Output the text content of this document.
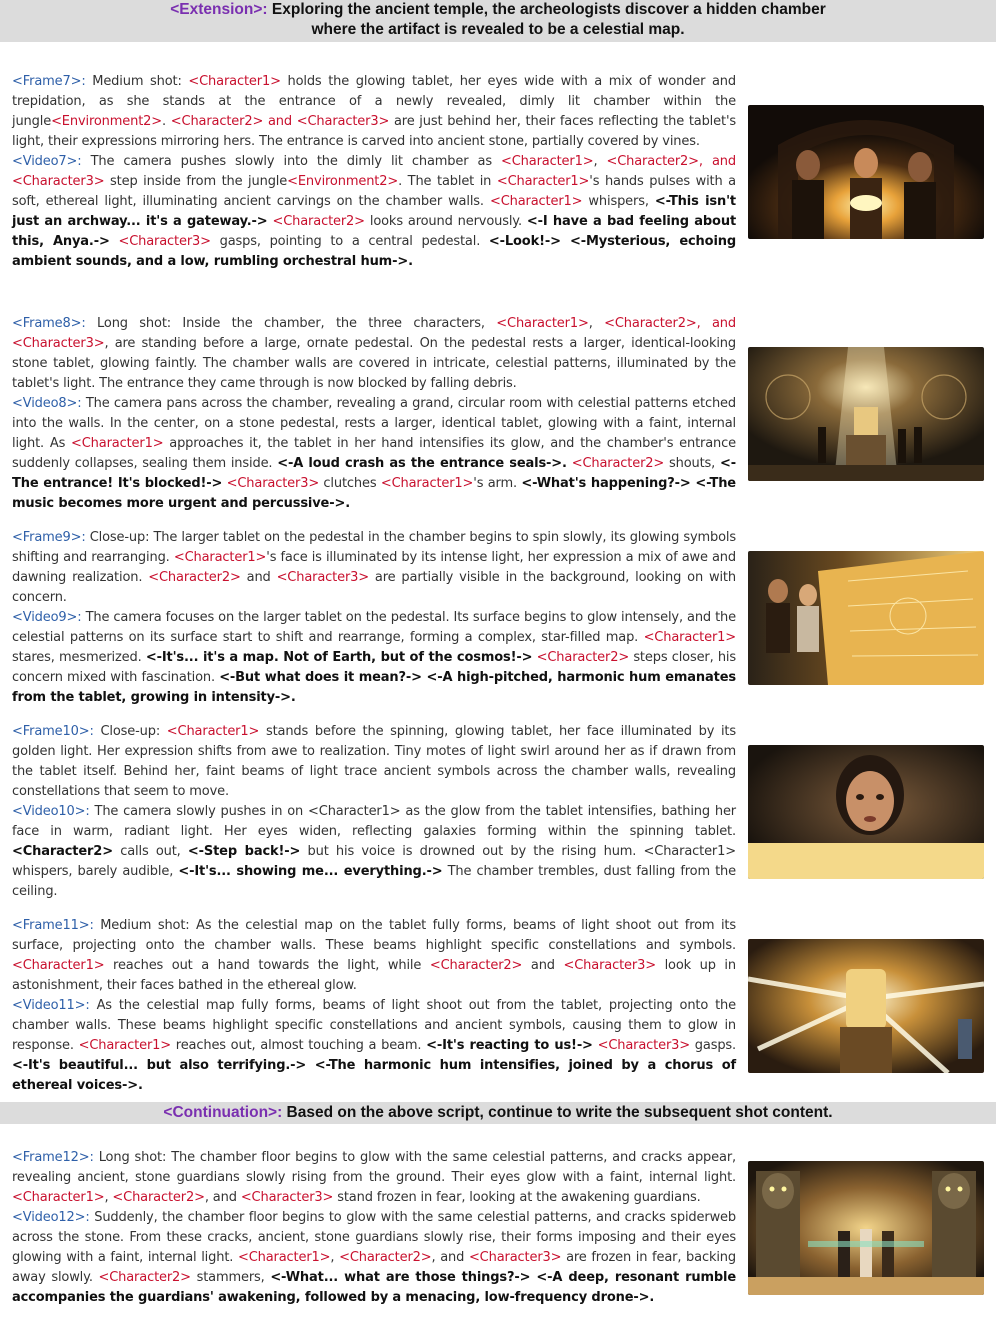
<Extension>: Exploring the ancient temple, the archeologists discover a hidden chamber
where the artifact is revealed to be a celestial map.
<Frame7>: Medium shot: <Character1> holds the glowing tablet, her eyes wide with a mix of wonder and trepidation, as she stands at the entrance of a newly revealed, dimly lit chamber within the jungle<Environment2>. <Character2> and <Character3> are just behind her, their faces reflecting the tablet's light, their expressions mirroring hers. The entrance is carved into ancient stone, partially covered by vines.
<Video7>: The camera pushes slowly into the dimly lit chamber as <Character1>, <Character2>, and <Character3> step inside from the jungle<Environment2>. The tablet in <Character1>'s hands pulses with a soft, ethereal light, illuminating ancient carvings on the chamber walls. <Character1> whispers, <-This isn't just an archway... it's a gateway.-> <Character2> looks around nervously. <-I have a bad feeling about this, Anya.-> <Character3> gasps, pointing to a central pedestal. <-Look!-> <-Mysterious, echoing ambient sounds, and a low, rumbling orchestral hum->.
<Frame8>: Long shot: Inside the chamber, the three characters, <Character1>, <Character2>, and <Character3>, are standing before a large, ornate pedestal. On the pedestal rests a larger, identical-looking stone tablet, glowing faintly. The chamber walls are covered in intricate, celestial patterns, illuminated by the tablet's light. The entrance they came through is now blocked by falling debris.
<Video8>: The camera pans across the chamber, revealing a grand, circular room with celestial patterns etched into the walls. In the center, on a stone pedestal, rests a larger, identical tablet, glowing with a faint, internal light. As <Character1> approaches it, the tablet in her hand intensifies its glow, and the chamber's entrance suddenly collapses, sealing them inside. <-A loud crash as the entrance seals->. <Character2> shouts, <-The entrance! It's blocked!-> <Character3> clutches <Character1>'s arm. <-What's happening?-> <-The music becomes more urgent and percussive->.
<Frame9>: Close-up: The larger tablet on the pedestal in the chamber begins to spin slowly, its glowing symbols shifting and rearranging. <Character1>'s face is illuminated by its intense light, her expression a mix of awe and dawning realization. <Character2> and <Character3> are partially visible in the background, looking on with concern.
<Video9>: The camera focuses on the larger tablet on the pedestal. Its surface begins to glow intensely, and the celestial patterns on its surface start to shift and rearrange, forming a complex, star-filled map. <Character1> stares, mesmerized. <-It's... it's a map. Not of Earth, but of the cosmos!-> <Character2> steps closer, his concern mixed with fascination. <-But what does it mean?-> <-A high-pitched, harmonic hum emanates from the tablet, growing in intensity->.
<Frame10>: Close-up: <Character1> stands before the spinning, glowing tablet, her face illuminated by its golden light. Her expression shifts from awe to realization. Tiny motes of light swirl around her as if drawn from the tablet itself. Behind her, faint beams of light trace ancient symbols across the chamber walls, revealing constellations that seem to move.
<Video10>: The camera slowly pushes in on <Character1> as the glow from the tablet intensifies, bathing her face in warm, radiant light. Her eyes widen, reflecting galaxies forming within the spinning tablet. <Character2> calls out, <-Step back!-> but his voice is drowned out by the rising hum. <Character1> whispers, barely audible, <-It's... showing me... everything.-> The chamber trembles, dust falling from the ceiling.
<Frame11>: Medium shot: As the celestial map on the tablet fully forms, beams of light shoot out from its surface, projecting onto the chamber walls. These beams highlight specific constellations and symbols. <Character1> reaches out a hand towards the light, while <Character2> and <Character3> look up in astonishment, their faces bathed in the ethereal glow.
<Video11>: As the celestial map fully forms, beams of light shoot out from the tablet, projecting onto the chamber walls. These beams highlight specific constellations and ancient symbols, causing them to glow in response. <Character1> reaches out, almost touching a beam. <-It's reacting to us!-> <Character3> gasps. <-It's beautiful... but also terrifying.-> <-The harmonic hum intensifies, joined by a chorus of ethereal voices->.
<Continuation>: Based on the above script, continue to write the subsequent shot content.
<Frame12>: Long shot: The chamber floor begins to glow with the same celestial patterns, and cracks appear, revealing ancient, stone guardians slowly rising from the ground. Their eyes glow with a faint, internal light. <Character1>, <Character2>, and <Character3> stand frozen in fear, looking at the awakening guardians.
<Video12>: Suddenly, the chamber floor begins to glow with the same celestial patterns, and cracks spiderweb across the stone. From these cracks, ancient, stone guardians slowly rise, their forms imposing and their eyes glowing with a faint, internal light. <Character1>, <Character2>, and <Character3> are frozen in fear, backing away slowly. <Character2> stammers, <-What... what are those things?-> <-A deep, resonant rumble accompanies the guardians' awakening, followed by a menacing, low-frequency drone->.
